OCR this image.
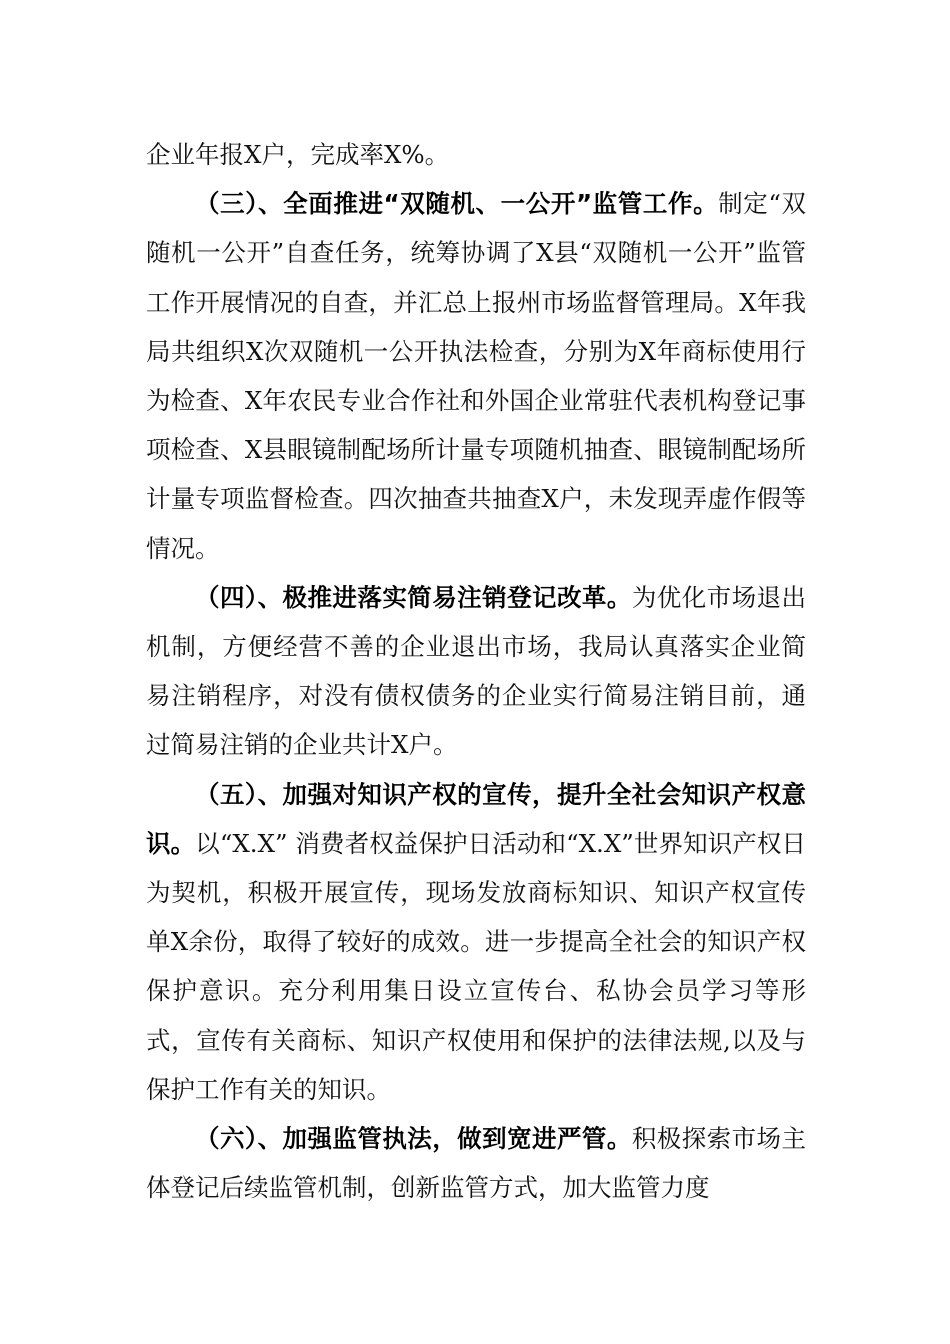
企业年报X户，完成率X%。

（三）、全面推进“双随机、一公开”监管工作。制定“双随机一公开”自查任务，统筹协调了X县“双随机一公开”监管工作开展情况的自查，并汇总上报州市场监督管理局。X年我局共组织X次双随机一公开执法检查，分别为X年商标使用行为检查、X年农民专业合作社和外国企业常驻代表机构登记事项检查、X县眼镜制配场所计量专项随机抽查、眼镜制配场所计量专项监督检查。四次抽查共抽查X户，未发现弄虚作假等情况。

（四）、极推进落实简易注销登记改革。为优化市场退出机制，方便经营不善的企业退出市场，我局认真落实企业简易注销程序，对没有债权债务的企业实行简易注销目前，通过简易注销的企业共计X户。

（五）、加强对知识产权的宣传，提升全社会知识产权意识。以“X.X” 消费者权益保护日活动和“X.X”世界知识产权日为契机，积极开展宣传，现场发放商标知识、知识产权宣传单X余份，取得了较好的成效。进一步提高全社会的知识产权保护意识。充分利用集日设立宣传台、私协会员学习等形式，宣传有关商标、知识产权使用和保护的法律法规,以及与保护工作有关的知识。

（六）、加强监管执法，做到宽进严管。积极探索市场主体登记后续监管机制，创新监管方式，加大监管力度
